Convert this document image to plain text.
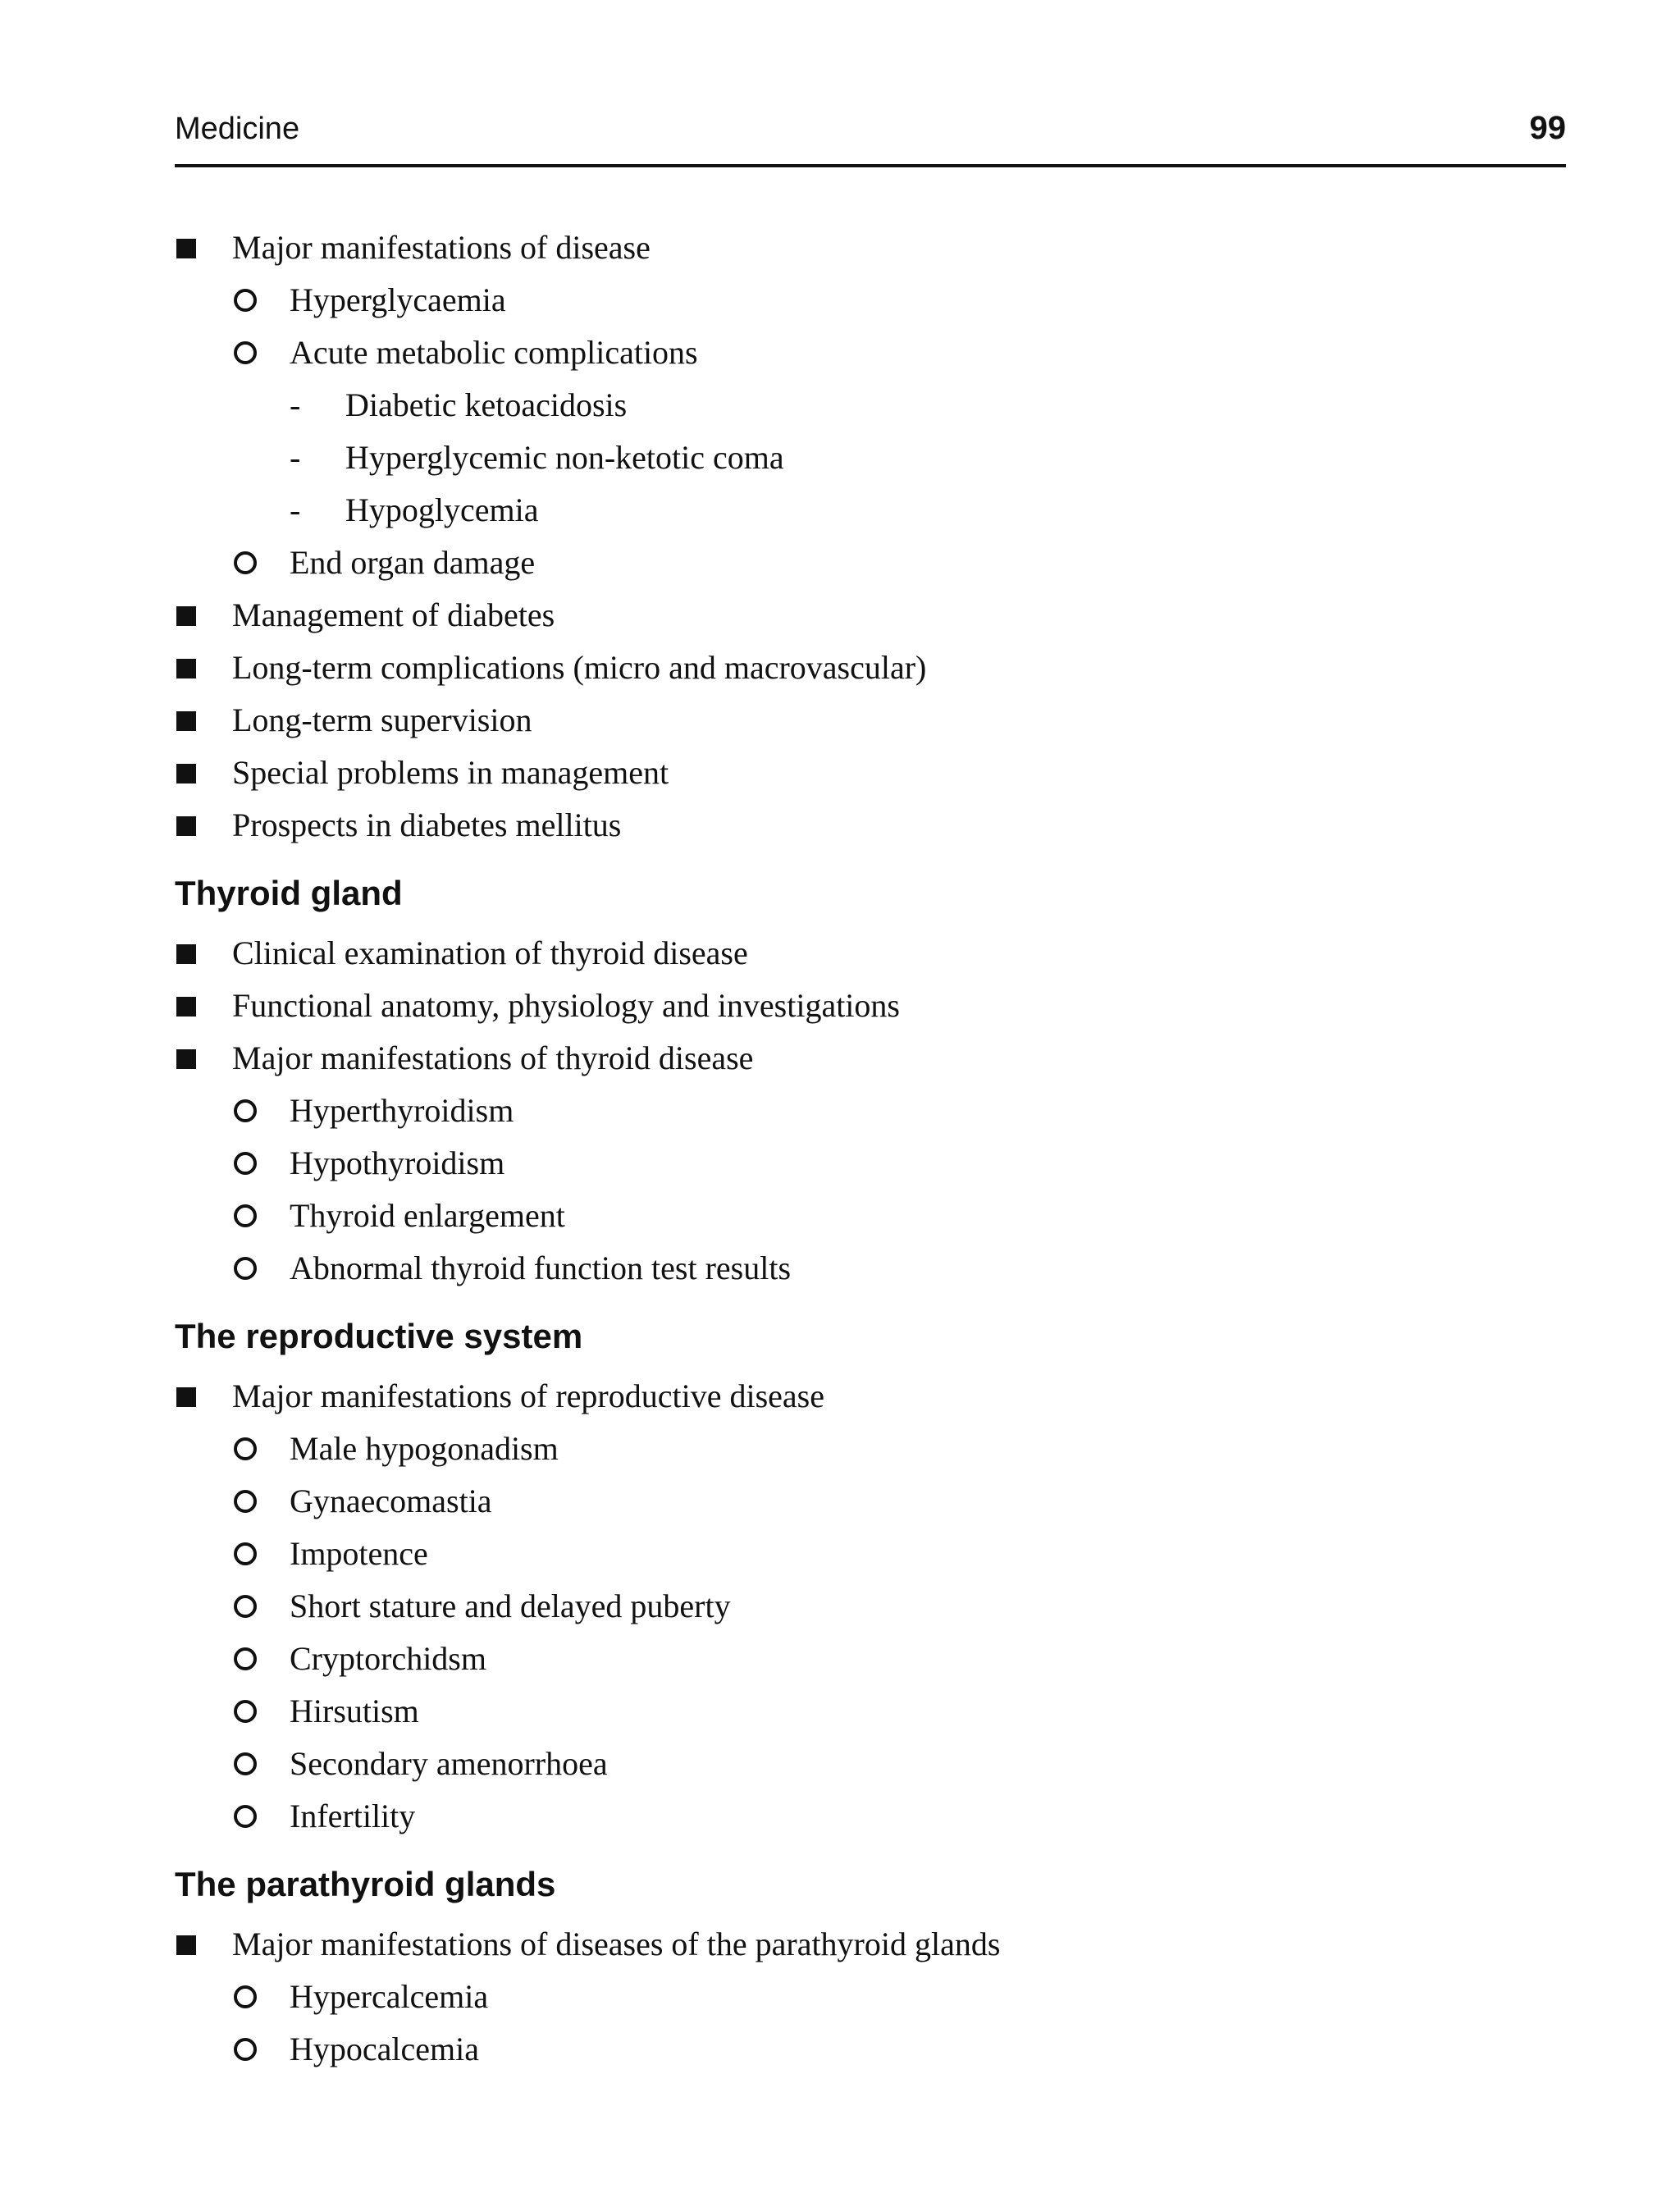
Medicine	99
Major manifestations of disease
Hyperglycaemia
Acute metabolic complications
- Diabetic ketoacidosis
- Hyperglycemic non-ketotic coma
- Hypoglycemia
End organ damage
Management of diabetes
Long-term complications (micro and macrovascular)
Long-term supervision
Special problems in management
Prospects in diabetes mellitus
Thyroid gland
Clinical examination of thyroid disease
Functional anatomy, physiology and investigations
Major manifestations of thyroid disease
Hyperthyroidism
Hypothyroidism
Thyroid enlargement
Abnormal thyroid function test results
The reproductive system
Major manifestations of reproductive disease
Male hypogonadism
Gynaecomastia
Impotence
Short stature and delayed puberty
Cryptorchidsm
Hirsutism
Secondary amenorrhoea
Infertility
The parathyroid glands
Major manifestations of diseases of the parathyroid glands
Hypercalcemia
Hypocalcemia
